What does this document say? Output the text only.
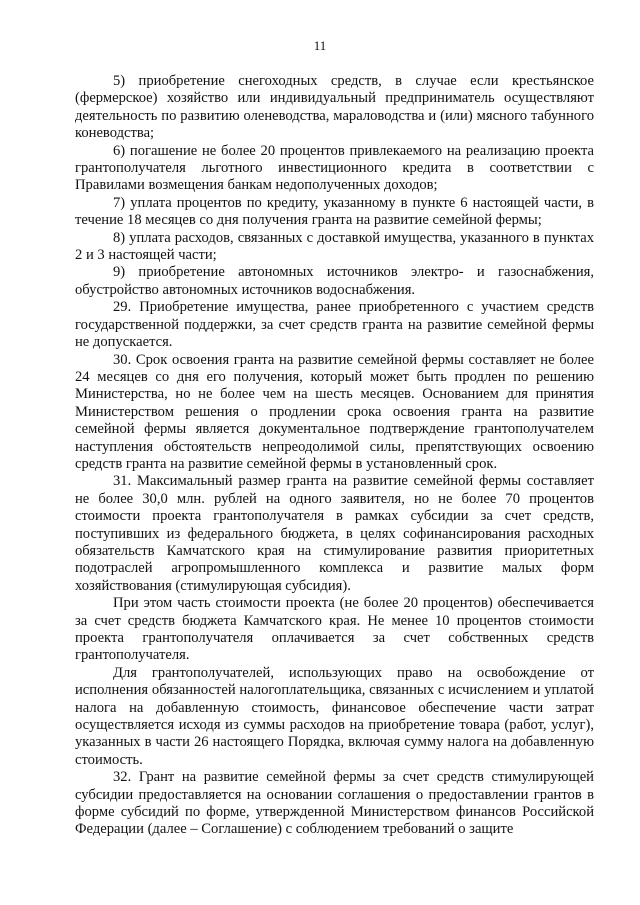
11

5) приобретение снегоходных средств, в случае если крестьянское (фермерское) хозяйство или индивидуальный предприниматель осуществляют деятельность по развитию оленеводства, мараловодства и (или) мясного табунного коневодства;

6) погашение не более 20 процентов привлекаемого на реализацию проекта грантополучателя льготного инвестиционного кредита в соответствии с Правилами возмещения банкам недополученных доходов;

7) уплата процентов по кредиту, указанному в пункте 6 настоящей части, в течение 18 месяцев со дня получения гранта на развитие семейной фермы;

8) уплата расходов, связанных с доставкой имущества, указанного в пунктах 2 и 3 настоящей части;

9) приобретение автономных источников электро- и газоснабжения, обустройство автономных источников водоснабжения.

29. Приобретение имущества, ранее приобретенного с участием средств государственной поддержки, за счет средств гранта на развитие семейной фермы не допускается.

30. Срок освоения гранта на развитие семейной фермы составляет не более 24 месяцев со дня его получения, который может быть продлен по решению Министерства, но не более чем на шесть месяцев. Основанием для принятия Министерством решения о продлении срока освоения гранта на развитие семейной фермы является документальное подтверждение грантополучателем наступления обстоятельств непреодолимой силы, препятствующих освоению средств гранта на развитие семейной фермы в установленный срок.

31. Максимальный размер гранта на развитие семейной фермы составляет не более 30,0 млн. рублей на одного заявителя, но не более 70 процентов стоимости проекта грантополучателя в рамках субсидии за счет средств, поступивших из федерального бюджета, в целях софинансирования расходных обязательств Камчатского края на стимулирование развития приоритетных подотраслей агропромышленного комплекса и развитие малых форм хозяйствования (стимулирующая субсидия).

При этом часть стоимости проекта (не более 20 процентов) обеспечивается за счет средств бюджета Камчатского края. Не менее 10 процентов стоимости проекта грантополучателя оплачивается за счет собственных средств грантополучателя.

Для грантополучателей, использующих право на освобождение от исполнения обязанностей налогоплательщика, связанных с исчислением и уплатой налога на добавленную стоимость, финансовое обеспечение части затрат осуществляется исходя из суммы расходов на приобретение товара (работ, услуг), указанных в части 26 настоящего Порядка, включая сумму налога на добавленную стоимость.

32. Грант на развитие семейной фермы за счет средств стимулирующей субсидии предоставляется на основании соглашения о предоставлении грантов в форме субсидий по форме, утвержденной Министерством финансов Российской Федерации (далее – Соглашение) с соблюдением требований о защите
